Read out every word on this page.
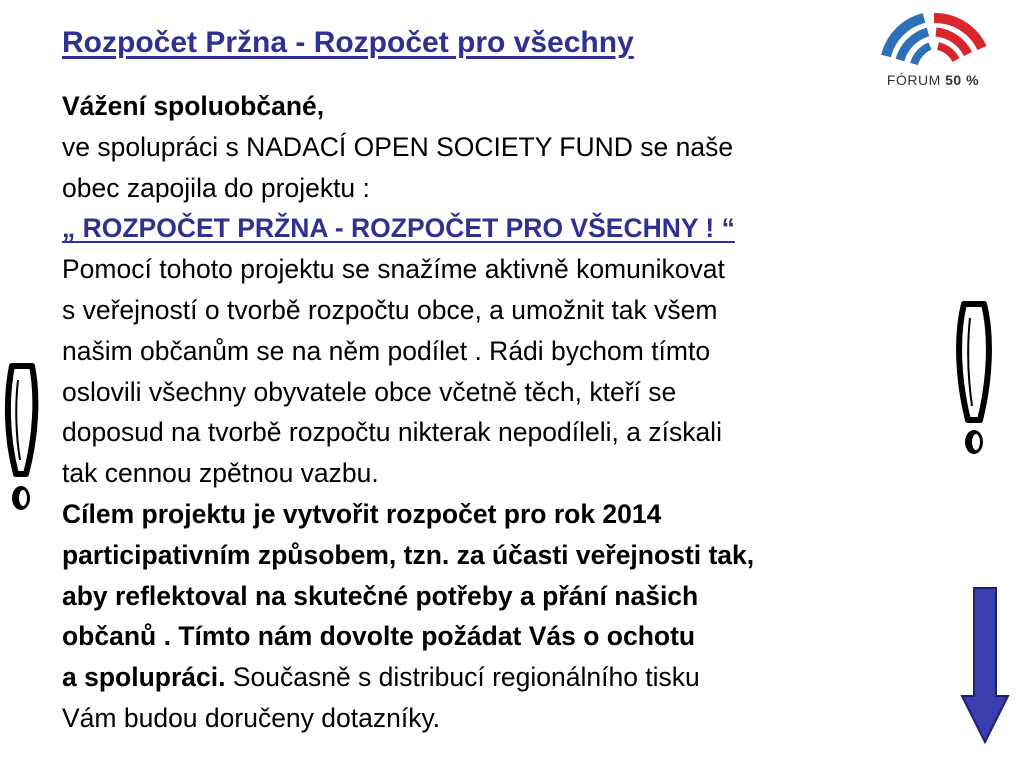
Rozpočet Pržna - Rozpočet pro všechny
FÓRUM 50 %
Vážení spoluobčané,
ve spolupráci s NADACÍ OPEN SOCIETY FUND se naše
obec zapojila do projektu :
„ ROZPOČET PRŽNA - ROZPOČET PRO VŠECHNY ! “
Pomocí tohoto projektu se snažíme aktivně komunikovat
s veřejností o tvorbě rozpočtu obce, a umožnit tak všem
našim občanům se na něm podílet . Rádi bychom tímto
oslovili všechny obyvatele obce včetně těch, kteří se
doposud na tvorbě rozpočtu nikterak nepodíleli, a získali
tak cennou zpětnou vazbu.
Cílem projektu je vytvořit rozpočet pro rok 2014
participativním způsobem, tzn. za účasti veřejnosti tak,
aby reflektoval na skutečné potřeby a přání našich
občanů . Tímto nám dovolte požádat Vás o ochotu
a spolupráci. Současně s distribucí regionálního tisku
Vám budou doručeny dotazníky.
